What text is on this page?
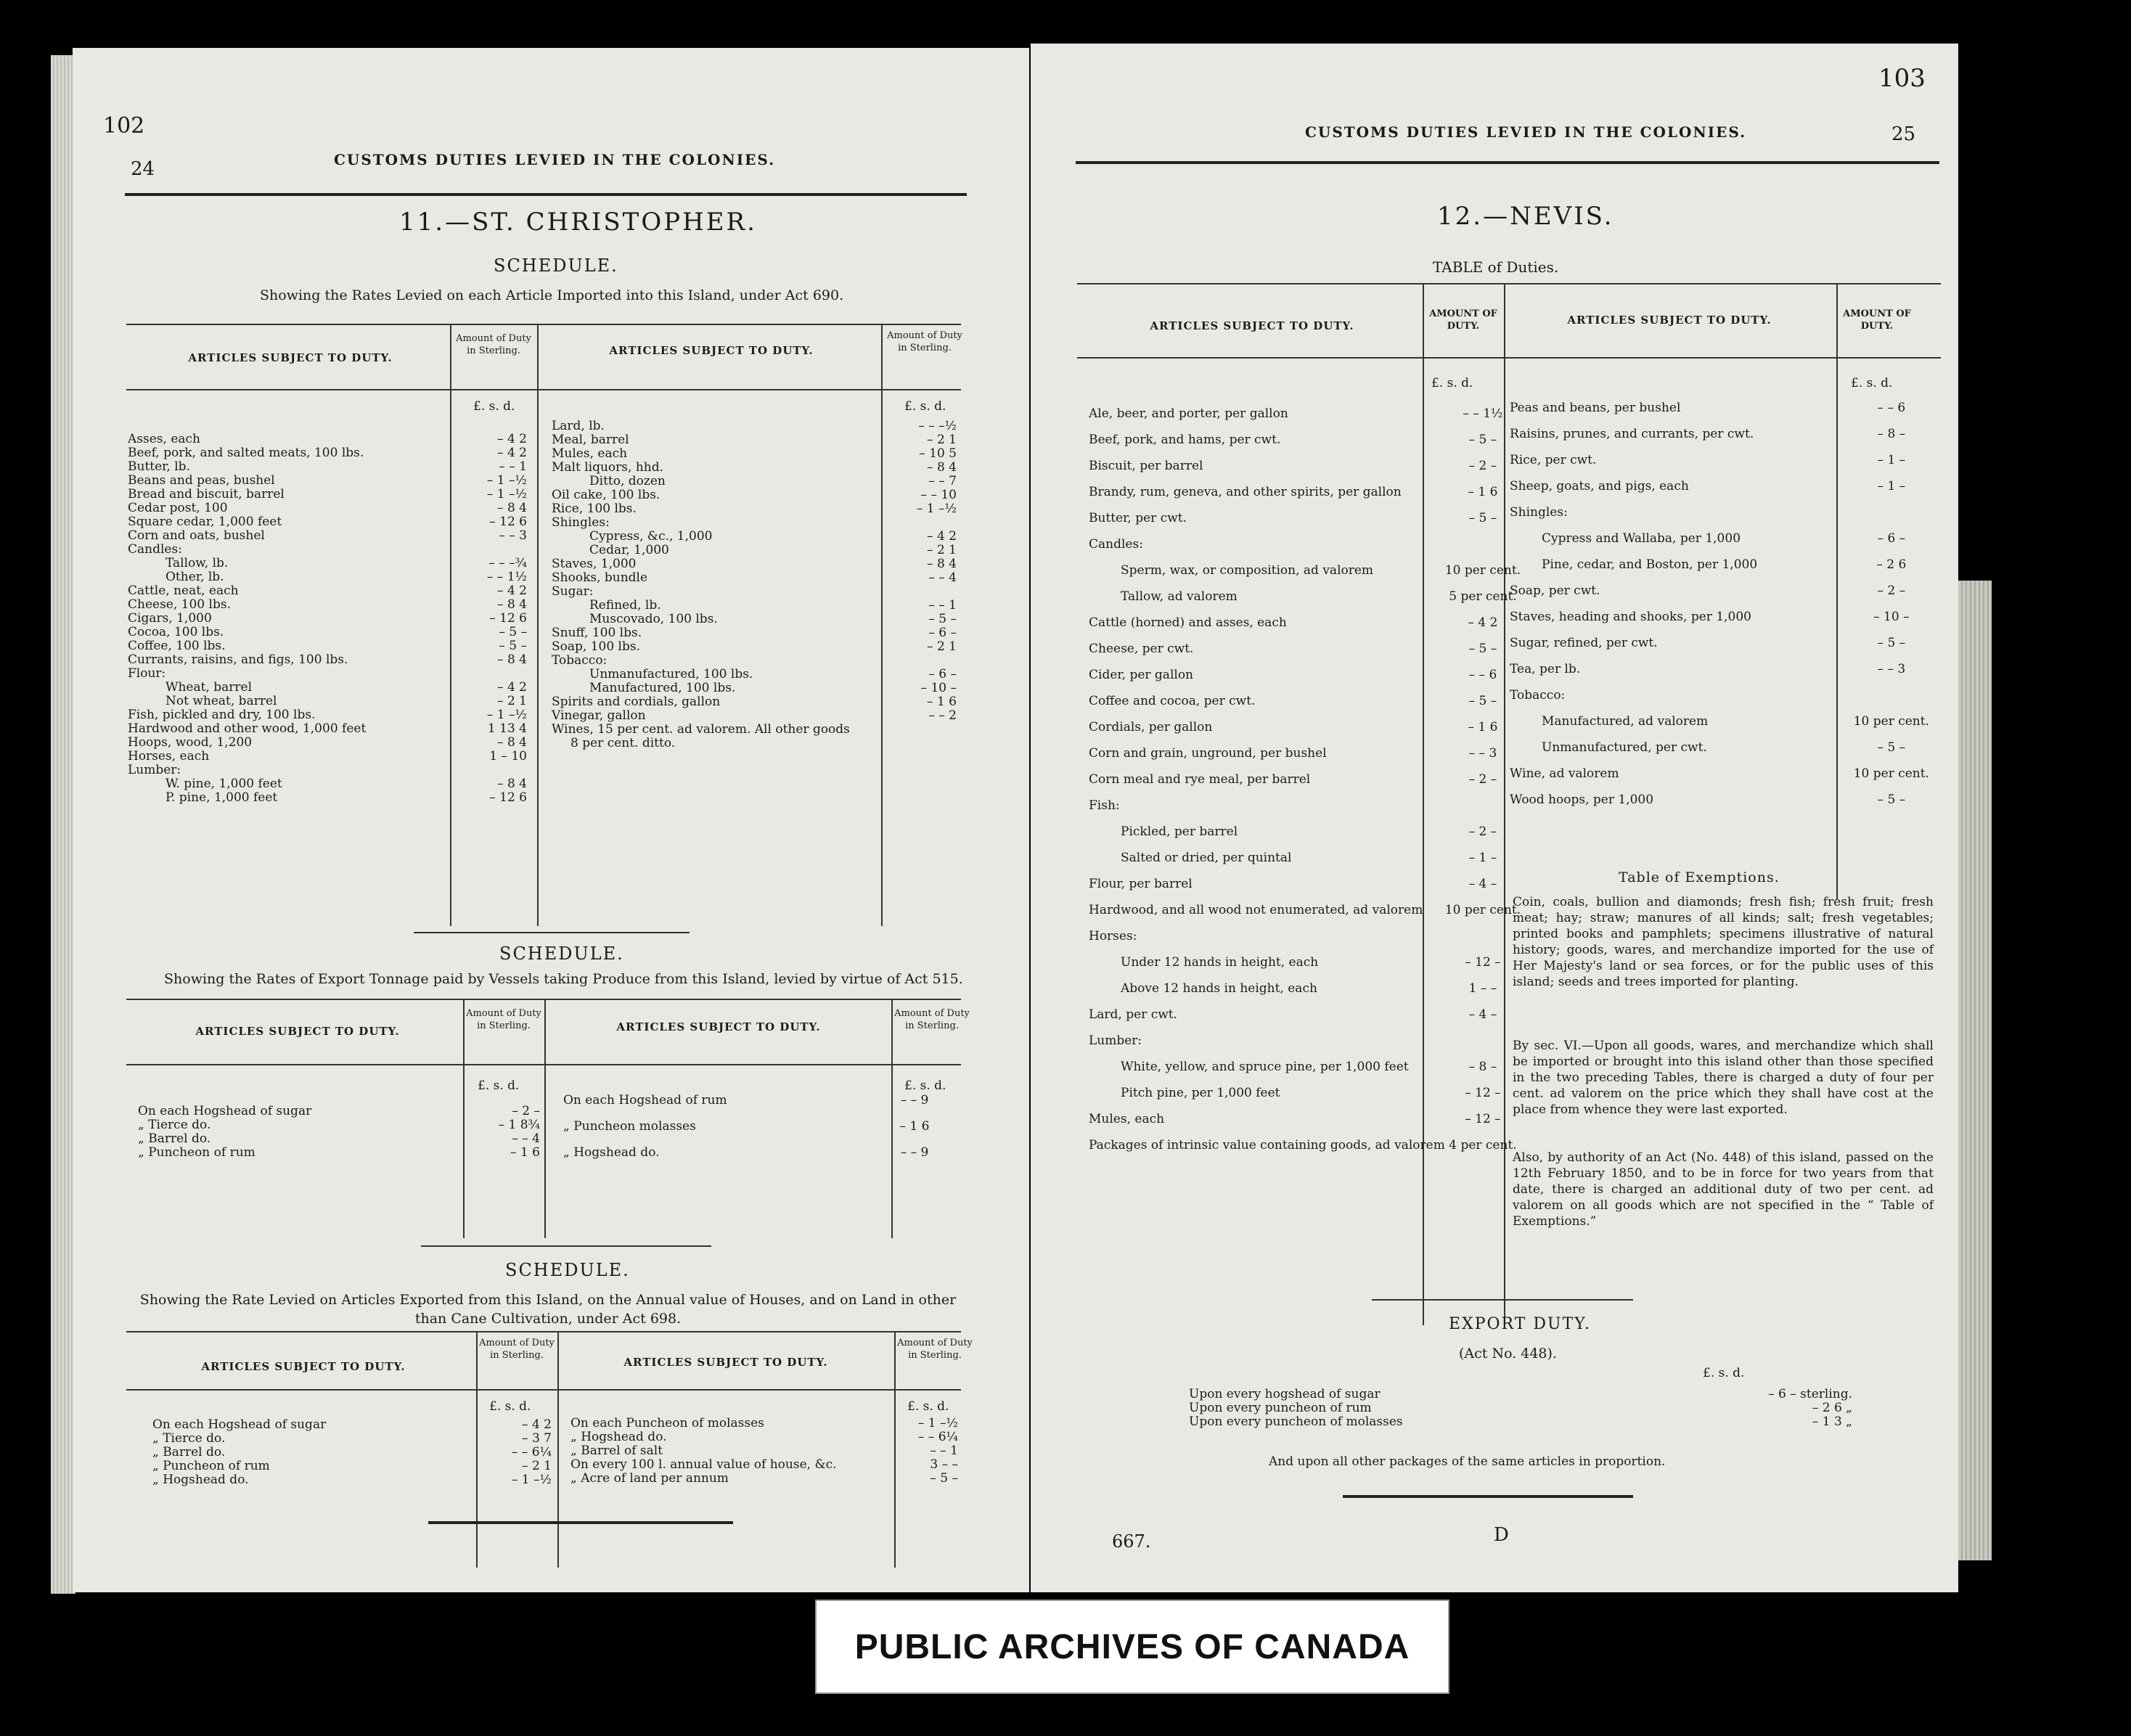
102
24	CUSTOMS DUTIES LEVIED IN THE COLONIES.
11.—ST. CHRISTOPHER.
SCHEDULE.
Showing the Rates Levied on each Article Imported into this Island, under Act 690.
ARTICLES SUBJECT TO DUTY.
Amount of Duty in Sterling.	ARTICLES SUBJECT TO DUTY.
Amount of Duty in Sterling.
£. s. d.	£. s. d.
Asses, each	– 4 2
Beef, pork, and salted meats, 100 lbs.	– 4 2
Butter, lb.	– – 1
Beans and peas, bushel	– 1 –½
Bread and biscuit, barrel	– 1 –½
Cedar post, 100	– 8 4
Square cedar, 1,000 feet	– 12 6
Corn and oats, bushel	– – 3
Candles:	
Tallow, lb.	– – –¾
Other, lb.	– – 1½
Cattle, neat, each	– 4 2
Cheese, 100 lbs.	– 8 4
Cigars, 1,000	– 12 6
Cocoa, 100 lbs.	– 5 –
Coffee, 100 lbs.	– 5 –
Currants, raisins, and figs, 100 lbs.	– 8 4
Flour:	
Wheat, barrel	– 4 2
Not wheat, barrel	– 2 1
Fish, pickled and dry, 100 lbs.	– 1 –½
Hardwood and other wood, 1,000 feet	1 13 4
Hoops, wood, 1,200	– 8 4
Horses, each	1 – 10
Lumber:	
W. pine, 1,000 feet	– 8 4
P. pine, 1,000 feet	– 12 6
Lard, lb.	– – –½
Meal, barrel	– 2 1
Mules, each	– 10 5
Malt liquors, hhd.	– 8 4
Ditto, dozen	– – 7
Oil cake, 100 lbs.	– – 10
Rice, 100 lbs.	– 1 –½
Shingles:	
Cypress, &c., 1,000	– 4 2
Cedar, 1,000	– 2 1
Staves, 1,000	– 8 4
Shooks, bundle	– – 4
Sugar:	
Refined, lb.	– – 1
Muscovado, 100 lbs.	– 5 –
Snuff, 100 lbs.	– 6 –
Soap, 100 lbs.	– 2 1
Tobacco:	
Unmanufactured, 100 lbs.	– 6 –
Manufactured, 100 lbs.	– 10 –
Spirits and cordials, gallon	– 1 6
Vinegar, gallon	– – 2
Wines, 15 per cent. ad valorem. All other goods	
8 per cent. ditto.	
SCHEDULE.
Showing the Rates of Export Tonnage paid by Vessels taking Produce from this Island, levied by virtue of Act 515.
ARTICLES SUBJECT TO DUTY.
Amount of Duty in Sterling.	ARTICLES SUBJECT TO DUTY.
Amount of Duty in Sterling.
£. s. d.	£. s. d.
On each Hogshead of sugar	– 2 –
„ Tierce do.	– 1 8¾
„ Barrel do.	– – 4
„ Puncheon of rum	– 1 6
On each Hogshead of rum	– – 9
„ Puncheon molasses	– 1 6
„ Hogshead do.	– – 9
SCHEDULE.
Showing the Rate Levied on Articles Exported from this Island, on the Annual value of Houses, and on Land in other than Cane Cultivation, under Act 698.
ARTICLES SUBJECT TO DUTY.
Amount of Duty in Sterling.
ARTICLES SUBJECT TO DUTY.
Amount of Duty in Sterling.
£. s. d.	£. s. d.
On each Hogshead of sugar	– 4 2
„ Tierce do.	– 3 7
„ Barrel do.	– – 6¼
„ Puncheon of rum	– 2 1
„ Hogshead do.	– 1 –½
On each Puncheon of molasses	– 1 –½
„ Hogshead do.	– – 6¼
„ Barrel of salt	– – 1
On every 100 l. annual value of house, &c.	3 – –
„ Acre of land per annum	– 5 –
103
25
CUSTOMS DUTIES LEVIED IN THE COLONIES.
12.—NEVIS.
TABLE of Duties.
ARTICLES SUBJECT TO DUTY.
AMOUNT OF DUTY.	ARTICLES SUBJECT TO DUTY.	AMOUNT OF DUTY.
£. s. d.	£. s. d.
Ale, beer, and porter, per gallon	– – 1½
Beef, pork, and hams, per cwt.	– 5 –
Biscuit, per barrel	– 2 –
Brandy, rum, geneva, and other spirits, per gallon	– 1 6
Butter, per cwt.	– 5 –
Candles:	
Sperm, wax, or composition, ad valorem	10 per cent.
Tallow, ad valorem	5 per cent.
Cattle (horned) and asses, each	– 4 2
Cheese, per cwt.	– 5 –
Cider, per gallon	– – 6
Coffee and cocoa, per cwt.	– 5 –
Cordials, per gallon	– 1 6
Corn and grain, unground, per bushel	– – 3
Corn meal and rye meal, per barrel	– 2 –
Fish:	
Pickled, per barrel	– 2 –
Salted or dried, per quintal	– 1 –
Flour, per barrel	– 4 –
Hardwood, and all wood not enumerated, ad valorem	10 per cent.
Horses:	
Under 12 hands in height, each	– 12 –
Above 12 hands in height, each	1 – –
Lard, per cwt.	– 4 –
Lumber:	
White, yellow, and spruce pine, per 1,000 feet	– 8 –
Pitch pine, per 1,000 feet	– 12 –
Mules, each	– 12 –
Packages of intrinsic value containing goods, ad valorem	4 per cent.
Peas and beans, per bushel	– – 6
Raisins, prunes, and currants, per cwt.	– 8 –
Rice, per cwt.	– 1 –
Sheep, goats, and pigs, each	– 1 –
Shingles:	
Cypress and Wallaba, per 1,000	– 6 –
Pine, cedar, and Boston, per 1,000	– 2 6
Soap, per cwt.	– 2 –
Staves, heading and shooks, per 1,000	– 10 –
Sugar, refined, per cwt.	– 5 –
Tea, per lb.	– – 3
Tobacco:	
Manufactured, ad valorem	10 per cent.
Unmanufactured, per cwt.	– 5 –
Wine, ad valorem	10 per cent.
Wood hoops, per 1,000	– 5 –
Table of Exemptions.
Coin, coals, bullion and diamonds; fresh fish; fresh fruit; fresh meat; hay; straw; manures of all kinds; salt; fresh vegetables; printed books and pamphlets; specimens illustrative of natural history; goods, wares, and merchandize imported for the use of Her Majesty's land or sea forces, or for the public uses of this island; seeds and trees imported for planting.
By sec. VI.—Upon all goods, wares, and merchandize which shall be imported or brought into this island other than those specified in the two preceding Tables, there is charged a duty of four per cent. ad valorem on the price which they shall have cost at the place from whence they were last exported.
Also, by authority of an Act (No. 448) of this island, passed on the 12th February 1850, and to be in force for two years from that date, there is charged an additional duty of two per cent. ad valorem on all goods which are not specified in the “ Table of Exemptions.”
EXPORT DUTY.
(Act No. 448).
£. s. d.
Upon every hogshead of sugar	– 6 – sterling.
Upon every puncheon of rum	– 2 6 „
Upon every puncheon of molasses	– 1 3 „
And upon all other packages of the same articles in proportion.
667.	D
PUBLIC ARCHIVES OF CANADA
